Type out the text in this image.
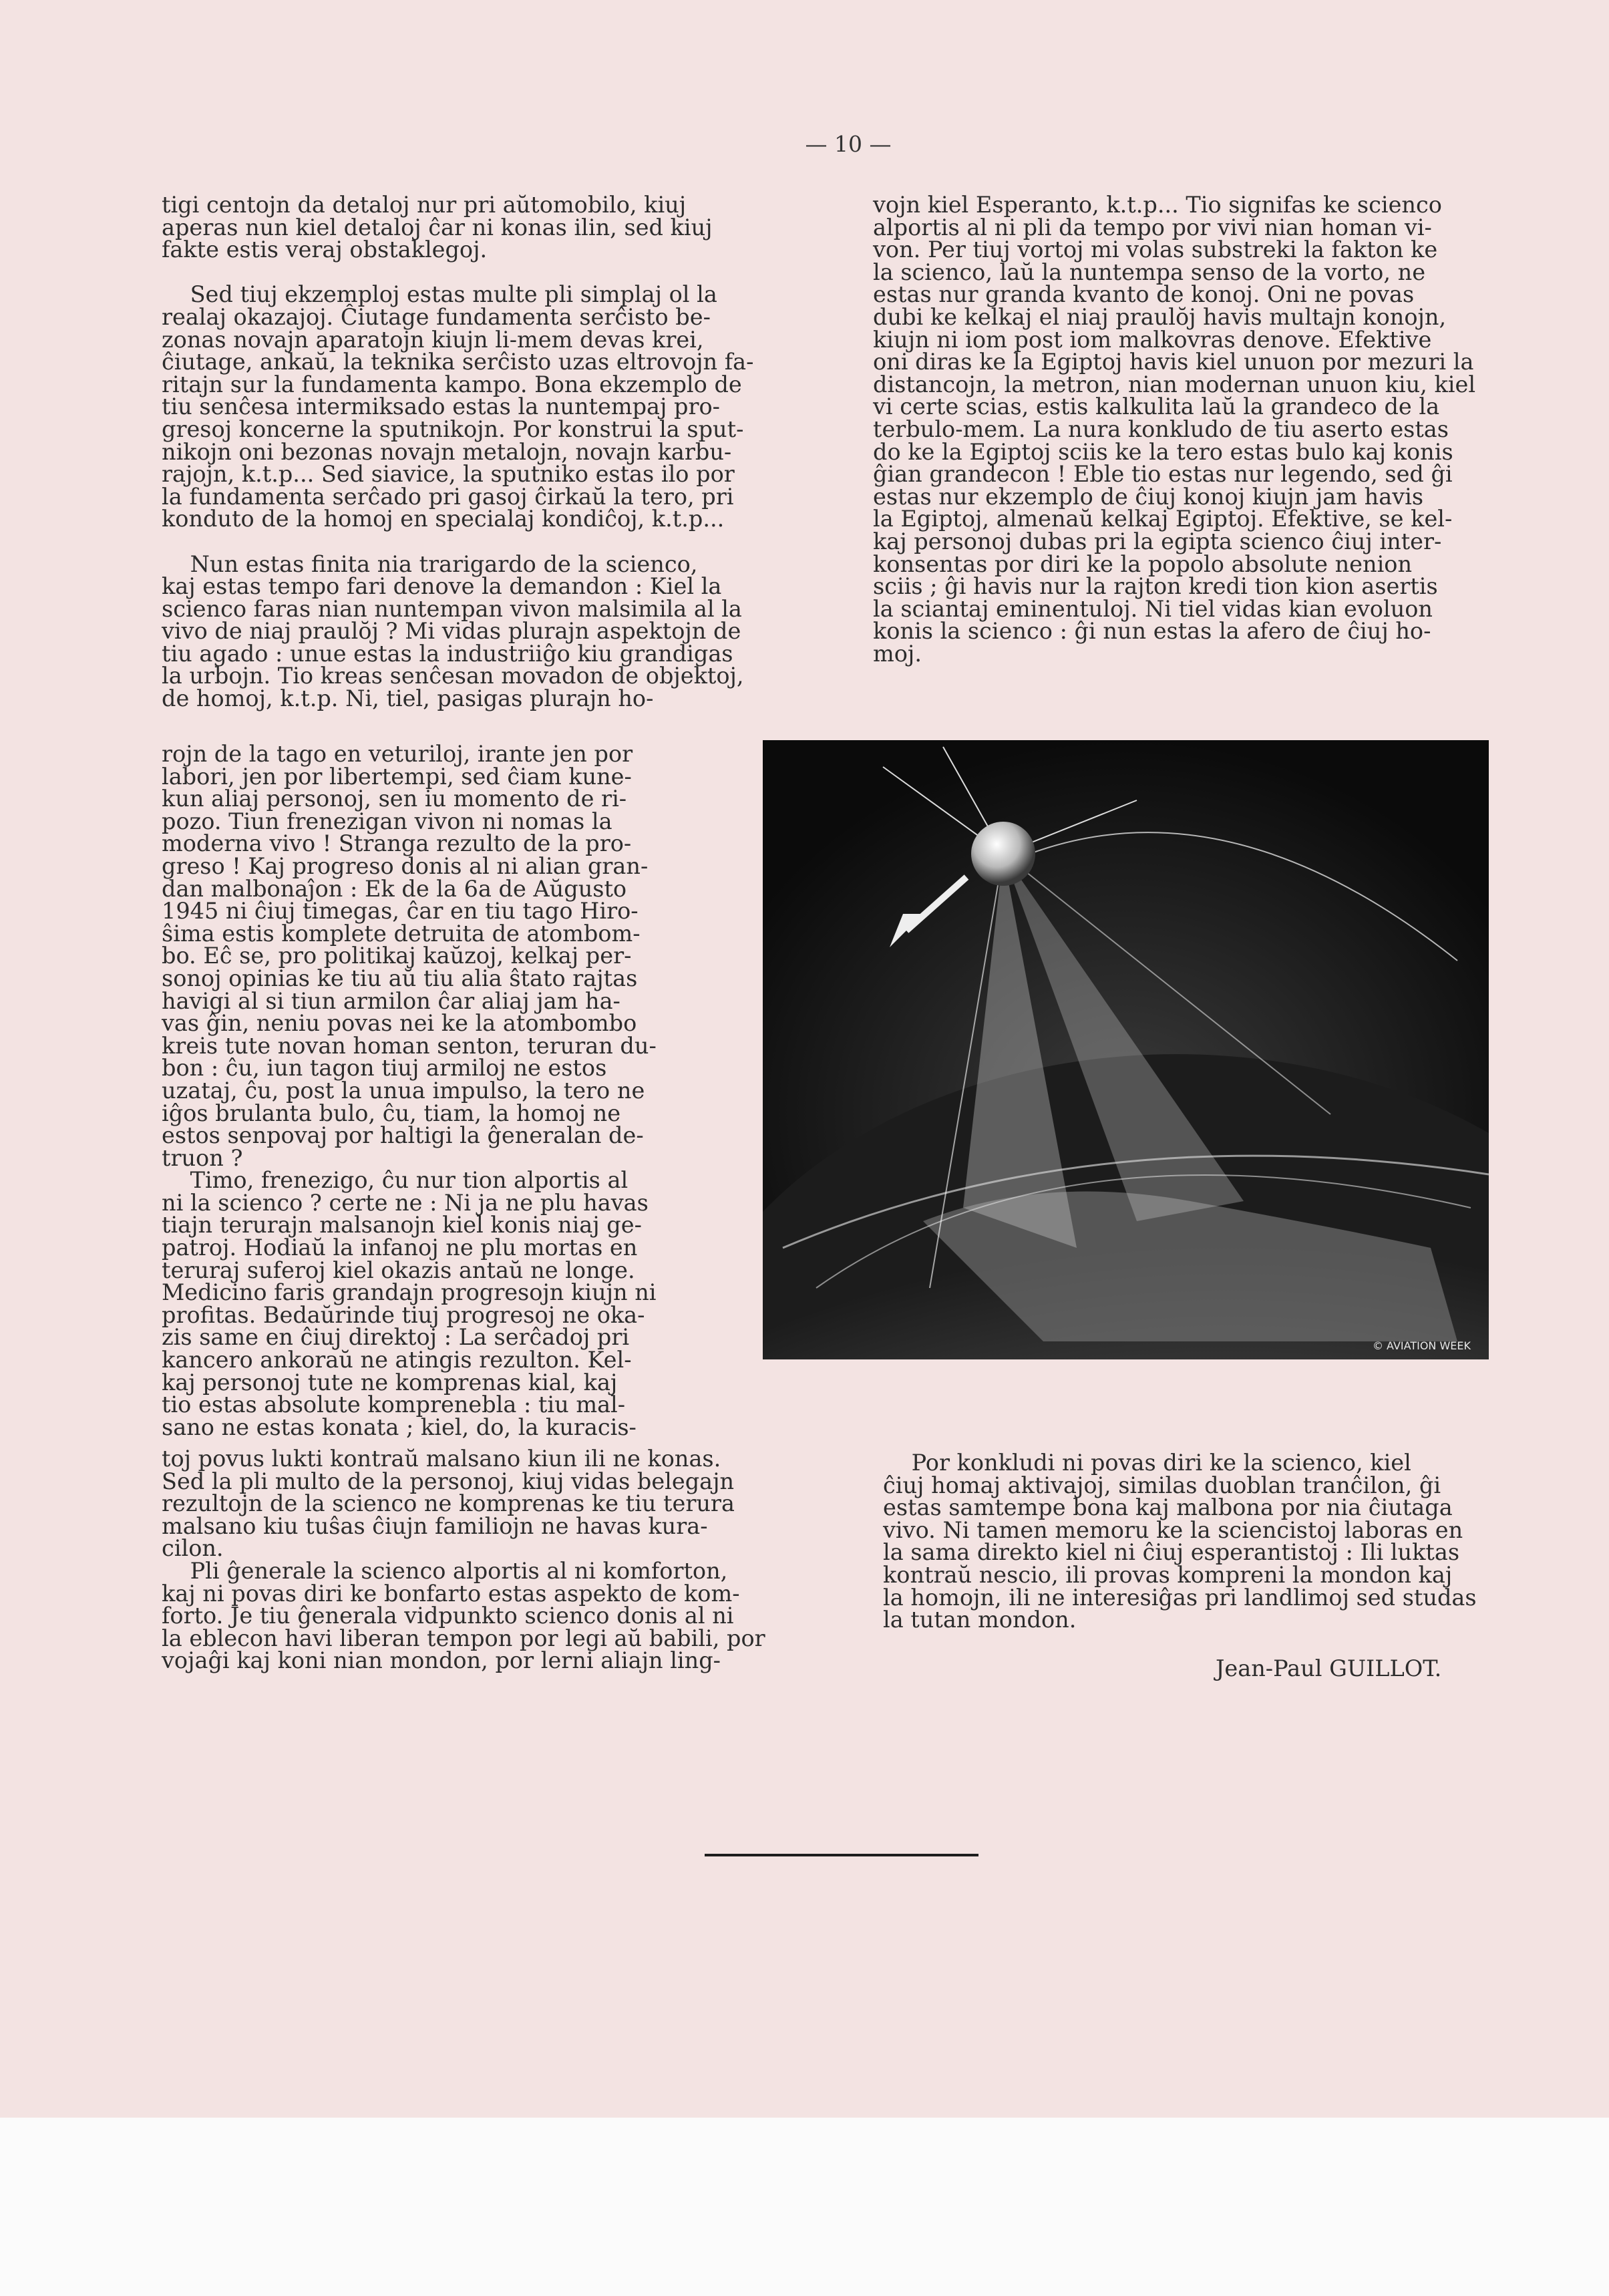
— 10 —

tigi centojn da detaloj nur pri aŭtomobilo, kiuj

aperas nun kiel detaloj ĉar ni konas ilin, sed kiuj

fakte estis veraj obstaklegoj.

Sed tiuj ekzemploj estas multe pli simplaj ol la

realaj okazajoj. Ĉiutage fundamenta serĉisto be-

zonas novajn aparatojn kiujn li-mem devas krei,

ĉiutage, ankaŭ, la teknika serĉisto uzas eltrovojn fa-

ritajn sur la fundamenta kampo. Bona ekzemplo de

tiu senĉesa intermiksado estas la nuntempaj pro-

gresoj koncerne la sputnikojn. Por konstrui la sput-

nikojn oni bezonas novajn metalojn, novajn karbu-

rajojn, k.t.p... Sed siavice, la sputniko estas ilo por

la fundamenta serĉado pri gasoj ĉirkaŭ la tero, pri

konduto de la homoj en specialaj kondiĉoj, k.t.p...

Nun estas finita nia trarigardo de la scienco,

kaj estas tempo fari denove la demandon : Kiel la

scienco faras nian nuntempan vivon malsimila al la

vivo de niaj praulŏj ? Mi vidas plurajn aspektojn de

tiu agado : unue estas la industriiĝo kiu grandigas

la urbojn. Tio kreas senĉesan movadon de objektoj,

de homoj, k.t.p. Ni, tiel, pasigas plurajn ho-

rojn de la tago en veturiloj, irante jen por

labori, jen por libertempi, sed ĉiam kune-

kun aliaj personoj, sen iu momento de ri-

pozo. Tiun frenezigan vivon ni nomas la

moderna vivo ! Stranga rezulto de la pro-

greso ! Kaj progreso donis al ni alian gran-

dan malbonaĵon : Ek de la 6a de Aŭgusto

1945 ni ĉiuj timegas, ĉar en tiu tago Hiro-

ŝima estis komplete detruita de atombom-

bo. Eĉ se, pro politikaj kaŭzoj, kelkaj per-

sonoj opinias ke tiu aŭ tiu alia ŝtato rajtas

havigi al si tiun armilon ĉar aliaj jam ha-

vas ĝin, neniu povas nei ke la atombombo

kreis tute novan homan senton, teruran du-

bon : ĉu, iun tagon tiuj armiloj ne estos

uzataj, ĉu, post la unua impulso, la tero ne

iĝos brulanta bulo, ĉu, tiam, la homoj ne

estos senpovaj por haltigi la ĝeneralan de-

truon ?

Timo, frenezigo, ĉu nur tion alportis al

ni la scienco ? certe ne : Ni ja ne plu havas

tiajn terurajn malsanojn kiel konis niaj ge-

patroj. Hodiaŭ la infanoj ne plu mortas en

teruraj suferoj kiel okazis antaŭ ne longe.

Medicino faris grandajn progresojn kiujn ni

profitas. Bedaŭrinde tiuj progresoj ne oka-

zis same en ĉiuj direktoj : La serĉadoj pri

kancero ankoraŭ ne atingis rezulton. Kel-

kaj personoj tute ne komprenas kial, kaj

tio estas absolute komprenebla : tiu mal-

sano ne estas konata ; kiel, do, la kuracis-

toj povus lukti kontraŭ malsano kiun ili ne konas.

Sed la pli multo de la personoj, kiuj vidas belegajn

rezultojn de la scienco ne komprenas ke tiu terura

malsano kiu tuŝas ĉiujn familiojn ne havas kura-

cilon.

Pli ĝenerale la scienco alportis al ni komforton,

kaj ni povas diri ke bonfarto estas aspekto de kom-

forto. Je tiu ĝenerala vidpunkto scienco donis al ni

la eblecon havi liberan tempon por legi aŭ babili, por

vojaĝi kaj koni nian mondon, por lerni aliajn ling-

vojn kiel Esperanto, k.t.p... Tio signifas ke scienco

alportis al ni pli da tempo por vivi nian homan vi-

von. Per tiuj vortoj mi volas substreki la fakton ke

la scienco, laŭ la nuntempa senso de la vorto, ne

estas nur granda kvanto de konoj. Oni ne povas

dubi ke kelkaj el niaj praulŏj havis multajn konojn,

kiujn ni iom post iom malkovras denove. Efektive

oni diras ke la Egiptoj havis kiel unuon por mezuri la

distancojn, la metron, nian modernan unuon kiu, kiel

vi certe scias, estis kalkulita laŭ la grandeco de la

terbulo-mem. La nura konkludo de tiu aserto estas

do ke la Egiptoj sciis ke la tero estas bulo kaj konis

ĝian grandecon ! Eble tio estas nur legendo, sed ĝi

estas nur ekzemplo de ĉiuj konoj kiujn jam havis

la Egiptoj, almenaŭ kelkaj Egiptoj. Efektive, se kel-

kaj personoj dubas pri la egipta scienco ĉiuj inter-

konsentas por diri ke la popolo absolute nenion

sciis ; ĝi havis nur la rajton kredi tion kion asertis

la sciantaj eminentuloj. Ni tiel vidas kian evoluon

konis la scienco : ĝi nun estas la afero de ĉiuj ho-

moj.

© AVIATION WEEK

Por konkludi ni povas diri ke la scienco, kiel

ĉiuj homaj aktivajoj, similas duoblan tranĉilon, ĝi

estas samtempe bona kaj malbona por nia ĉiutaga

vivo. Ni tamen memoru ke la sciencistoj laboras en

la sama direkto kiel ni ĉiuj esperantistoj : Ili luktas

kontraŭ nescio, ili provas kompreni la mondon kaj

la homojn, ili ne interesiĝas pri landlimoj sed studas

la tutan mondon.

Jean-Paul GUILLOT.
